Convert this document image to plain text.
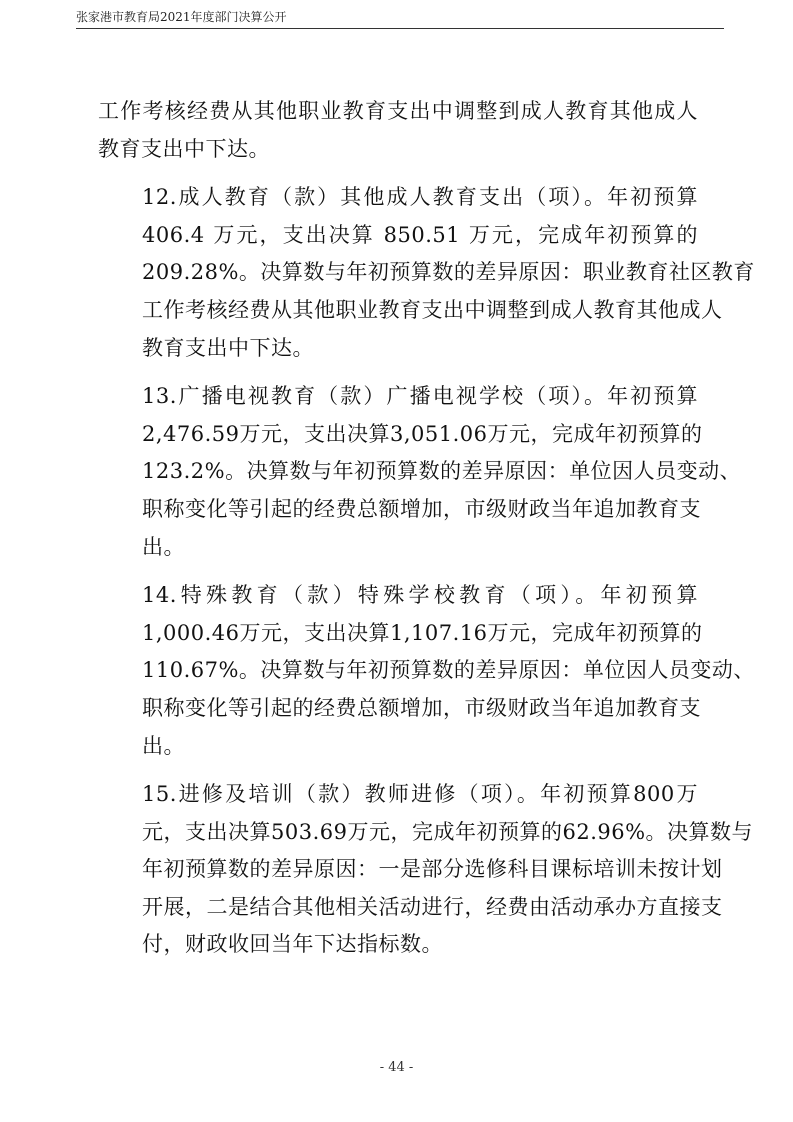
张家港市教育局2021年度部门决算公开

工作考核经费从其他职业教育支出中调整到成人教育其他成人
教育支出中下达。

12.成人教育（款）其他成人教育支出（项）。年初预算
406.4 万元，支出决算 850.51 万元，完成年初预算的
209.28%。决算数与年初预算数的差异原因：职业教育社区教育
工作考核经费从其他职业教育支出中调整到成人教育其他成人
教育支出中下达。

13.广播电视教育（款）广播电视学校（项）。年初预算
2,476.59万元，支出决算3,051.06万元，完成年初预算的
123.2%。决算数与年初预算数的差异原因：单位因人员变动、
职称变化等引起的经费总额增加，市级财政当年追加教育支
出。

14.特殊教育（款）特殊学校教育（项）。年初预算
1,000.46万元，支出决算1,107.16万元，完成年初预算的
110.67%。决算数与年初预算数的差异原因：单位因人员变动、
职称变化等引起的经费总额增加，市级财政当年追加教育支
出。

15.进修及培训（款）教师进修（项）。年初预算800万
元，支出决算503.69万元，完成年初预算的62.96%。决算数与
年初预算数的差异原因：一是部分选修科目课标培训未按计划
开展，二是结合其他相关活动进行，经费由活动承办方直接支
付，财政收回当年下达指标数。

- 44 -
